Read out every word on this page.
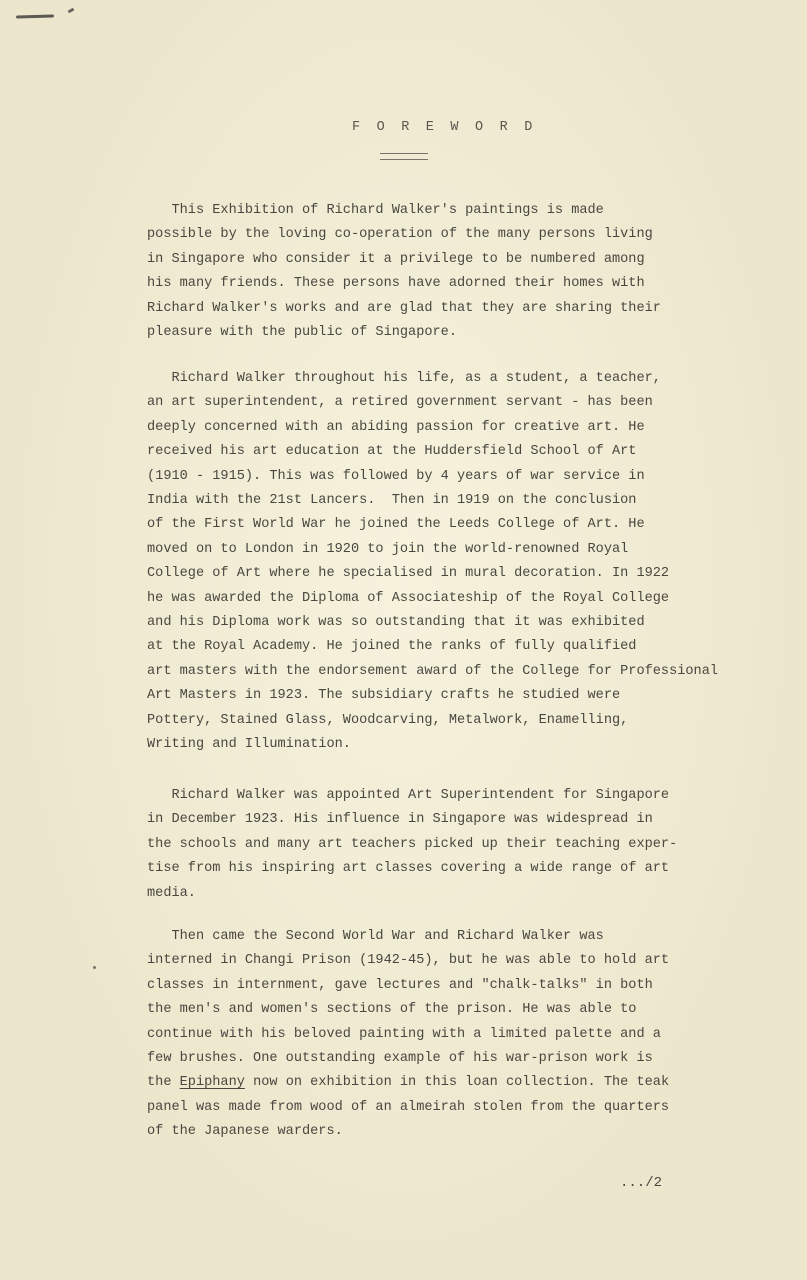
F O R E W O R D

This Exhibition of Richard Walker's paintings is made
possible by the loving co-operation of the many persons living
in Singapore who consider it a privilege to be numbered among
his many friends. These persons have adorned their homes with
Richard Walker's works and are glad that they are sharing their
pleasure with the public of Singapore.

Richard Walker throughout his life, as a student, a teacher,
an art superintendent, a retired government servant - has been
deeply concerned with an abiding passion for creative art. He
received his art education at the Huddersfield School of Art
(1910 - 1915). This was followed by 4 years of war service in
India with the 21st Lancers.  Then in 1919 on the conclusion
of the First World War he joined the Leeds College of Art. He
moved on to London in 1920 to join the world-renowned Royal
College of Art where he specialised in mural decoration. In 1922
he was awarded the Diploma of Associateship of the Royal College
and his Diploma work was so outstanding that it was exhibited
at the Royal Academy. He joined the ranks of fully qualified
art masters with the endorsement award of the College for Professional
Art Masters in 1923. The subsidiary crafts he studied were
Pottery, Stained Glass, Woodcarving, Metalwork, Enamelling,
Writing and Illumination.

Richard Walker was appointed Art Superintendent for Singapore
in December 1923. His influence in Singapore was widespread in
the schools and many art teachers picked up their teaching exper-
tise from his inspiring art classes covering a wide range of art
media.

Then came the Second World War and Richard Walker was
interned in Changi Prison (1942-45), but he was able to hold art
classes in internment, gave lectures and "chalk-talks" in both
the men's and women's sections of the prison. He was able to
continue with his beloved painting with a limited palette and a
few brushes. One outstanding example of his war-prison work is
the Epiphany now on exhibition in this loan collection. The teak
panel was made from wood of an almeirah stolen from the quarters
of the Japanese warders.

.../2
